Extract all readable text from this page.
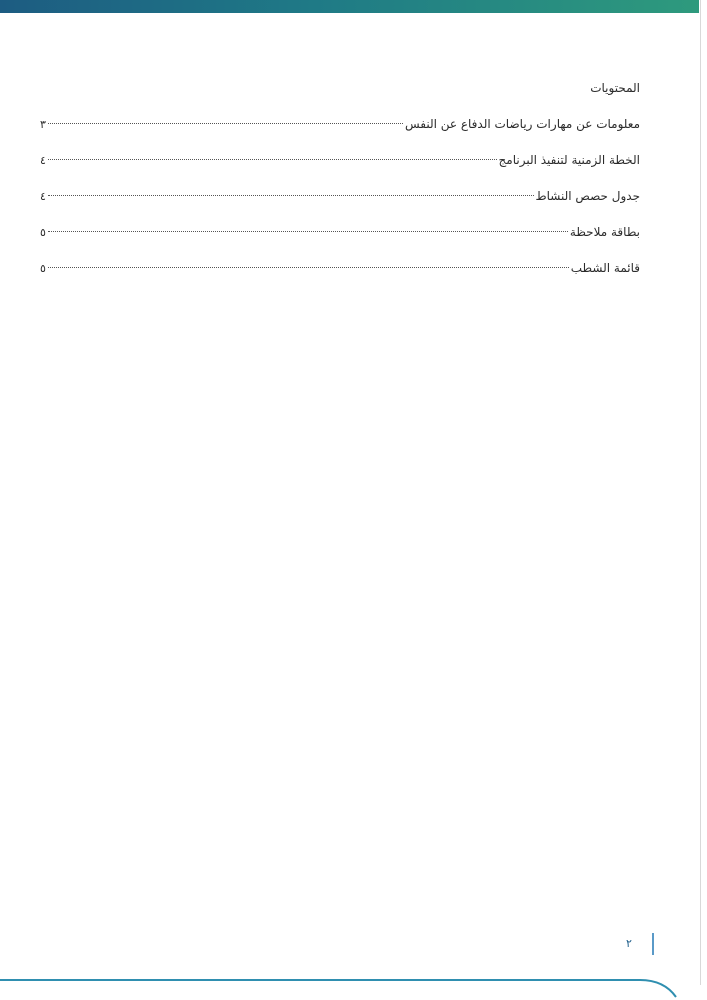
المحتويات
معلومات عن مهارات رياضات الدفاع عن النفس
٣
الخطة الزمنية لتنفيذ البرنامج
٤
جدول حصص النشاط
٤
بطاقة ملاحظة
٥
قائمة الشطب
٥
٢
